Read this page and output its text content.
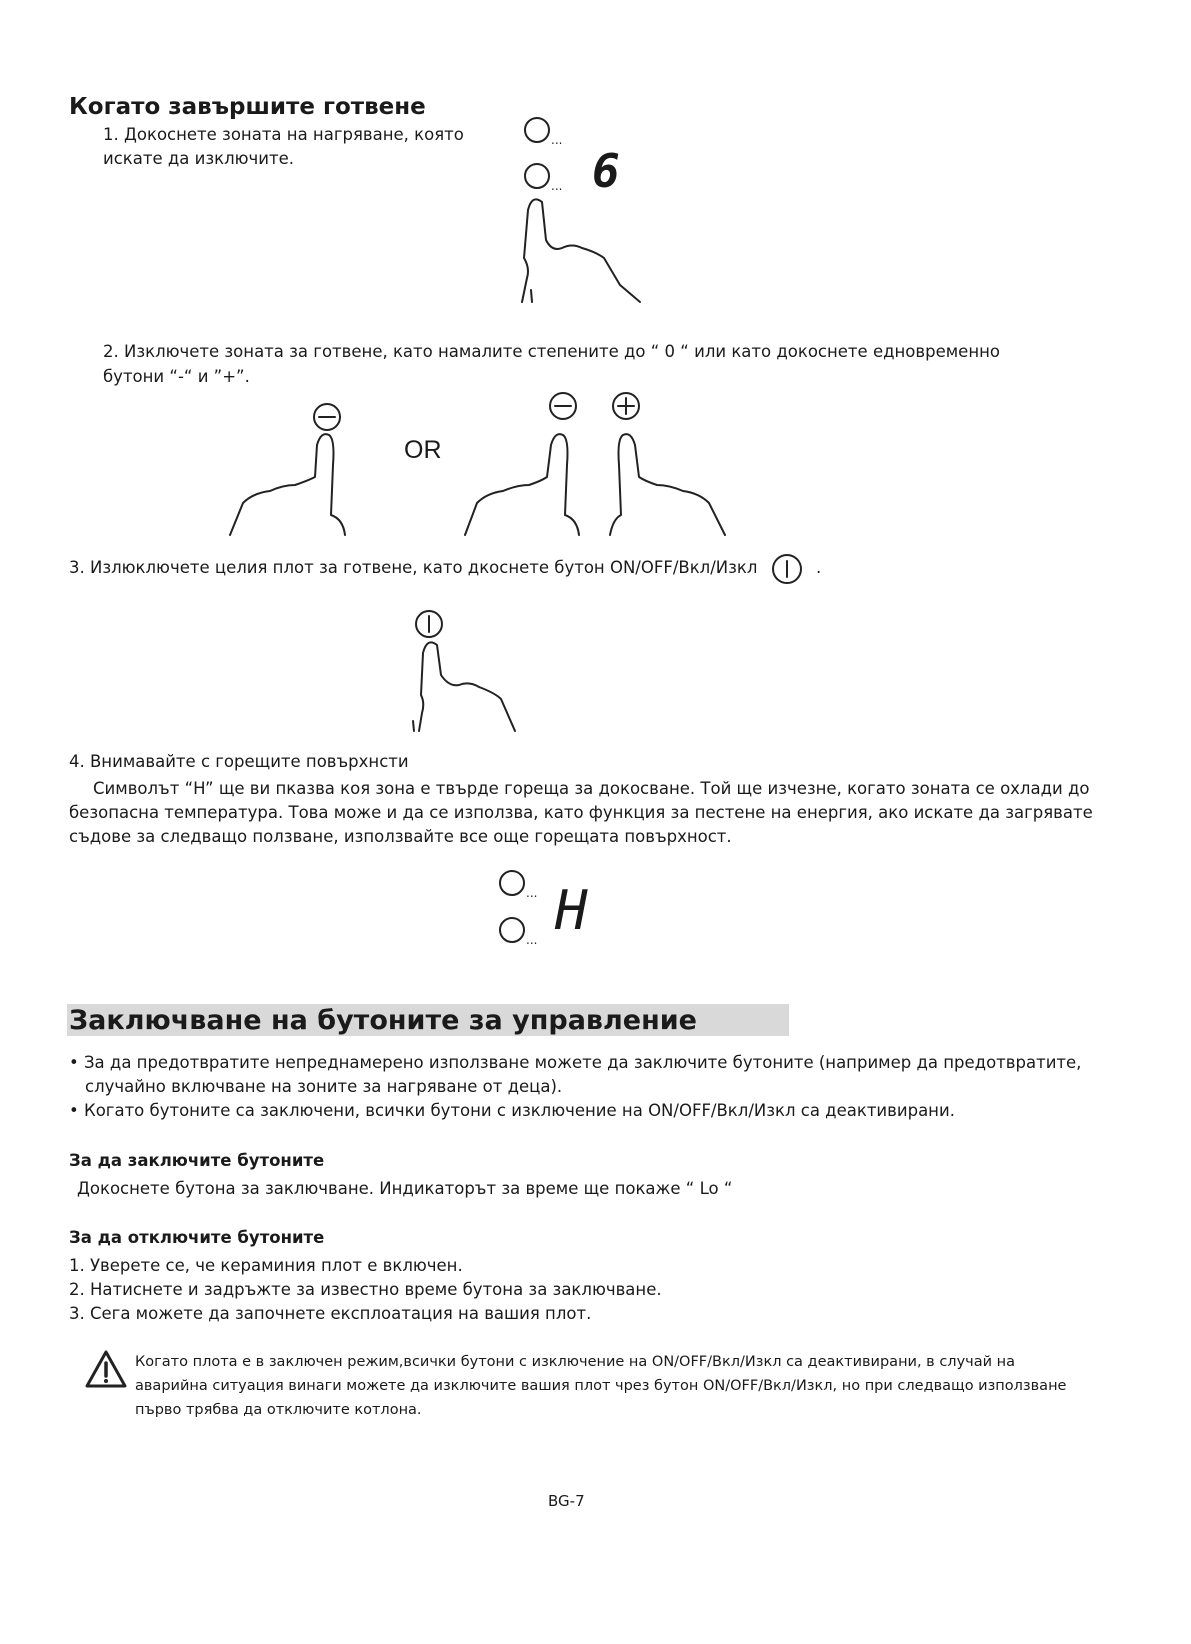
Когато завършите готвене
1. Докоснете зоната на нагряване, която
искате да изключите.
...
... 6
2. Изключете зоната за готвене, като намалите степените до “ 0 “ или като докоснете едновременно
бутони “-“ и ”+”.
OR
3. Излюключете целия плот за готвене, като дкоснете бутон ON/OFF/Вкл/Изкл	.
4. Внимавайте с горещите повърхнсти
Символът “H” ще ви пказва коя зона е твърде гореща за докосване. Той ще изчезне, когато зоната се охлади до
безопасна температура. Това може и да се използва, като функция за пестене на енергия, ако искате да загрявате
съдове за следващо ползване, използвайте все още горещата повърхност.
...
... H
Заключване на бутоните за управление
• За да предотвратите непреднамерено използване можете да заключите бутоните (например да предотвратите,
случайно включване на зоните за нагряване от деца).
• Когато бутоните са заключени, всички бутони с изключение на ON/OFF/Вкл/Изкл са деактивирани.
За да заключите бутоните
Докоснете бутона за заключване. Индикаторът за време ще покаже “ Lo “
За да отключите бутоните
1. Уверете се, че кераминия плот е включен.
2. Натиснете и задръжте за известно време бутона за заключване.
3. Сега можете да започнете експлоатация на вашия плот.
Когато плота е в заключен режим,всички бутони с изключение на ON/OFF/Вкл/Изкл са деактивирани, в случай на
аварийна ситуация винаги можете да изключите вашия плот чрез бутон ON/OFF/Вкл/Изкл, но при следващо използване
първо трябва да отключите котлона.
BG-7
